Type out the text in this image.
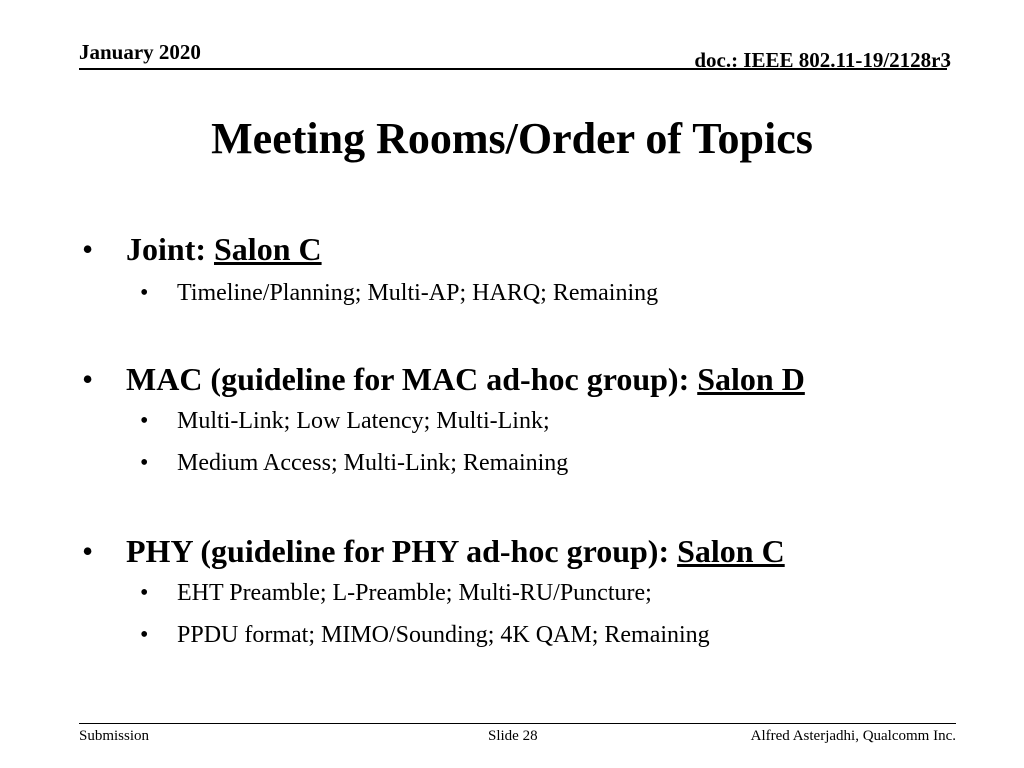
January 2020	doc.: IEEE 802.11-19/2128r3
Meeting Rooms/Order of Topics
• Joint: Salon C
• Timeline/Planning; Multi-AP; HARQ; Remaining
• MAC (guideline for MAC ad-hoc group): Salon D
• Multi-Link; Low Latency; Multi-Link;
• Medium Access; Multi-Link; Remaining
• PHY (guideline for PHY ad-hoc group): Salon C
• EHT Preamble; L-Preamble; Multi-RU/Puncture;
• PPDU format; MIMO/Sounding; 4K QAM; Remaining
Submission	Slide 28	Alfred Asterjadhi, Qualcomm Inc.
